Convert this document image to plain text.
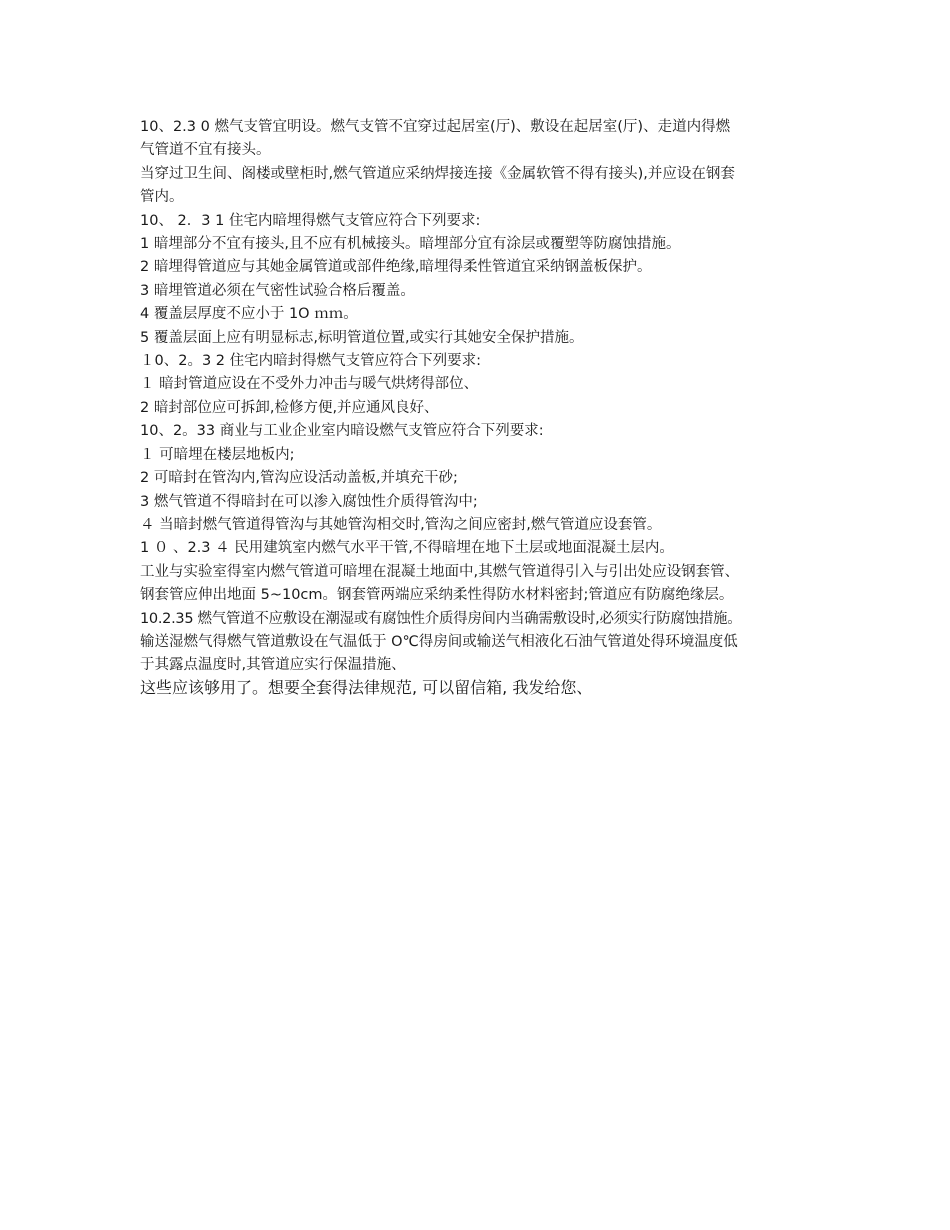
10、2.3 0 燃气支管宜明设。燃气支管不宜穿过起居室(厅)、敷设在起居室(厅)、走道内得燃
气管道不宜有接头。
当穿过卫生间、阁楼或壁柜时,燃气管道应采纳焊接连接《金属软管不得有接头),并应设在钢套
管内。
10、 2．3 1 住宅内暗埋得燃气支管应符合下列要求:
1 暗埋部分不宜有接头,且不应有机械接头。暗埋部分宜有涂层或覆塑等防腐蚀措施。
2 暗埋得管道应与其她金属管道或部件绝缘,暗埋得柔性管道宜采纳钢盖板保护。
3 暗埋管道必须在气密性试验合格后覆盖。
4 覆盖层厚度不应小于 1O ｍｍ。
5 覆盖层面上应有明显标志,标明管道位置,或实行其她安全保护措施。
１0、2。3 2 住宅内暗封得燃气支管应符合下列要求:
１ 暗封管道应设在不受外力冲击与暖气烘烤得部位、
2 暗封部位应可拆卸,检修方便,并应通风良好、
10、2。33 商业与工业企业室内暗设燃气支管应符合下列要求:
１ 可暗埋在楼层地板内;
2 可暗封在管沟内,管沟应设活动盖板,并填充干砂;
3 燃气管道不得暗封在可以渗入腐蚀性介质得管沟中;
４ 当暗封燃气管道得管沟与其她管沟相交时,管沟之间应密封,燃气管道应设套管。
1 ０ 、2.3 ４ 民用建筑室内燃气水平干管,不得暗埋在地下土层或地面混凝土层内。
工业与实验室得室内燃气管道可暗埋在混凝土地面中,其燃气管道得引入与引出处应设钢套管、
钢套管应伸出地面 5~10cm。钢套管两端应采纳柔性得防水材料密封;管道应有防腐绝缘层。
10.2.35 燃气管道不应敷设在潮湿或有腐蚀性介质得房间内当确需敷设时,必须实行防腐蚀措施。
输送湿燃气得燃气管道敷设在气温低于 O℃得房间或输送气相液化石油气管道处得环境温度低
于其露点温度时,其管道应实行保温措施、
这些应该够用了。想要全套得法律规范, 可以留信箱, 我发给您、
